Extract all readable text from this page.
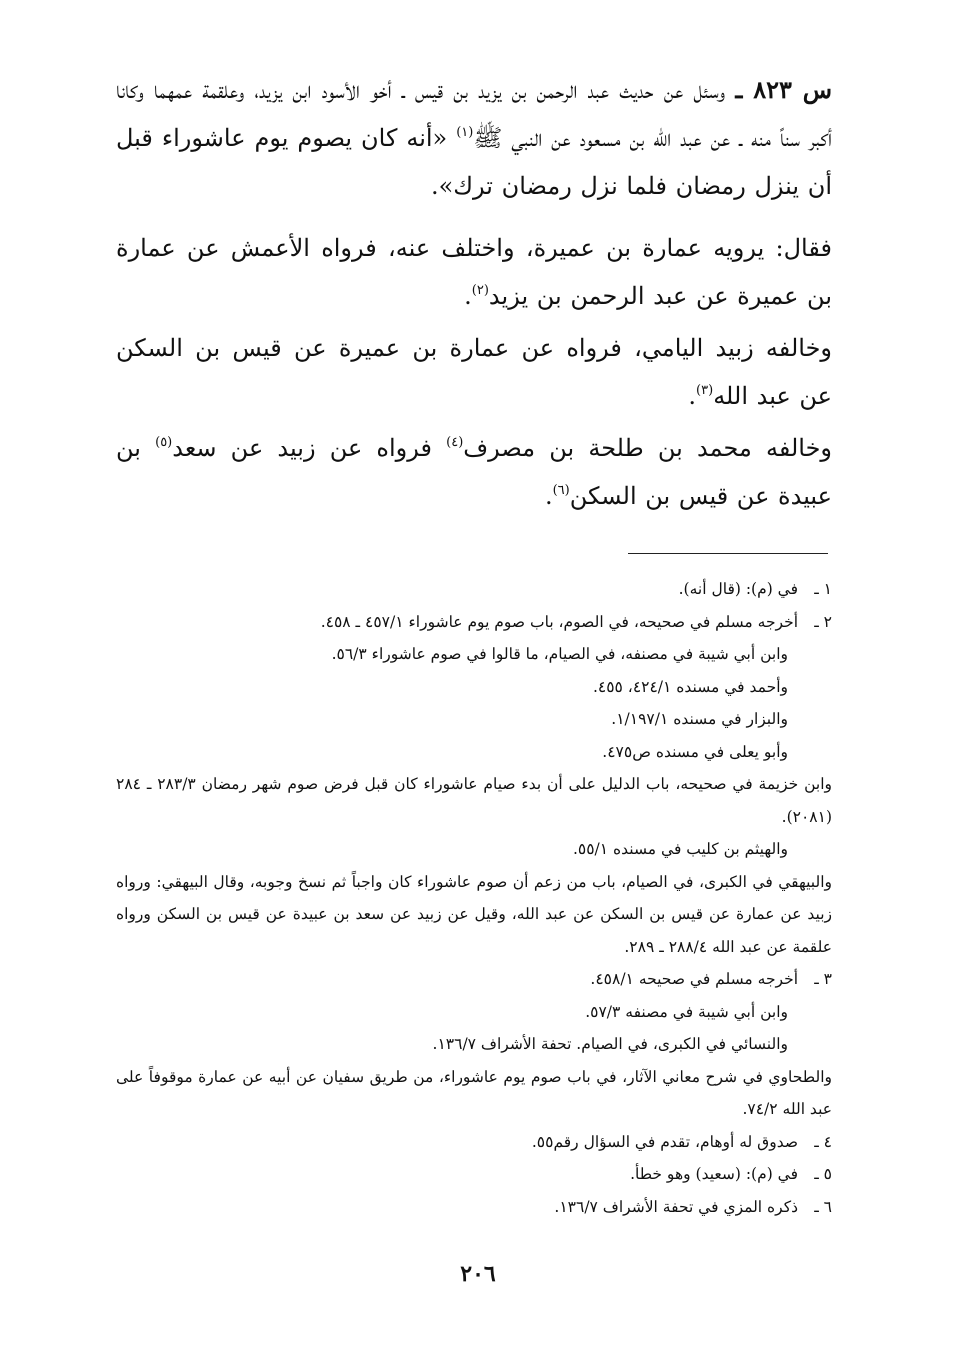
س ٨٢٣ ـ وسئل عن حديث عبد الرحمن بن يزيد بن قيس ـ أخو الأسود ابن يزيد، وعلقمة عمهما وكانا أكبر سناً منه ـ عن عبد الله بن مسعود عن النبي ﷺ$^{(١)}$ «أنه كان يصوم يوم عاشوراء قبل أن ينزل رمضان فلما نزل رمضان ترك».

فقال: يرويه عمارة بن عميرة، واختلف عنه، فرواه الأعمش عن عمارة بن عميرة عن عبد الرحمن بن يزيد$^{(٢)}$.

وخالفه زبيد اليامي، فرواه عن عمارة بن عميرة عن قيس بن السكن عن عبد الله$^{(٣)}$.

وخالفه محمد بن طلحة بن مصرف$^{(٤)}$ فرواه عن زبيد عن سعد$^{(٥)}$ بن عبيدة عن قيس بن السكن$^{(٦)}$.

١ ـفي (م): (قال أنه).

٢ ـأخرجه مسلم في صحيحه، في الصوم، باب صوم يوم عاشوراء ٤٥٧/١ ـ ٤٥٨.

وابن أبي شيبة في مصنفه، في الصيام، ما قالوا في صوم عاشوراء ٥٦/٣.

وأحمد في مسنده ٤٢٤/١، ٤٥٥.

والبزار في مسنده ١/١٩٧/١.

وأبو يعلى في مسنده ص٤٧٥.

وابن خزيمة في صحيحه، باب الدليل على أن بدء صيام عاشوراء كان قبل فرض صوم شهر رمضان ٢٨٣/٣ ـ ٢٨٤ (٢٠٨١).

والهيثم بن كليب في مسنده ٥٥/١.

والبيهقي في الكبرى، في الصيام، باب من زعم أن صوم عاشوراء كان واجباً ثم نسخ وجوبه، وقال البيهقي: ورواه زبيد عن عمارة عن قيس بن السكن عن عبد الله، وقيل عن زبيد عن سعد بن عبيدة عن قيس بن السكن ورواه علقمة عن عبد الله ٢٨٨/٤ ـ ٢٨٩.

٣ ـأخرجه مسلم في صحيحه ٤٥٨/١.

وابن أبي شيبة في مصنفه ٥٧/٣.

والنسائي في الكبرى، في الصيام. تحفة الأشراف ١٣٦/٧.

والطحاوي في شرح معاني الآثار، في باب صوم يوم عاشوراء، من طريق سفيان عن أبيه عن عمارة موقوفاً على عبد الله ٧٤/٢.

٤ ـصدوق له أوهام، تقدم في السؤال رقم٥٥.

٥ ـفي (م): (سعيد) وهو خطأ.

٦ ـذكره المزي في تحفة الأشراف ١٣٦/٧.

٢٠٦
